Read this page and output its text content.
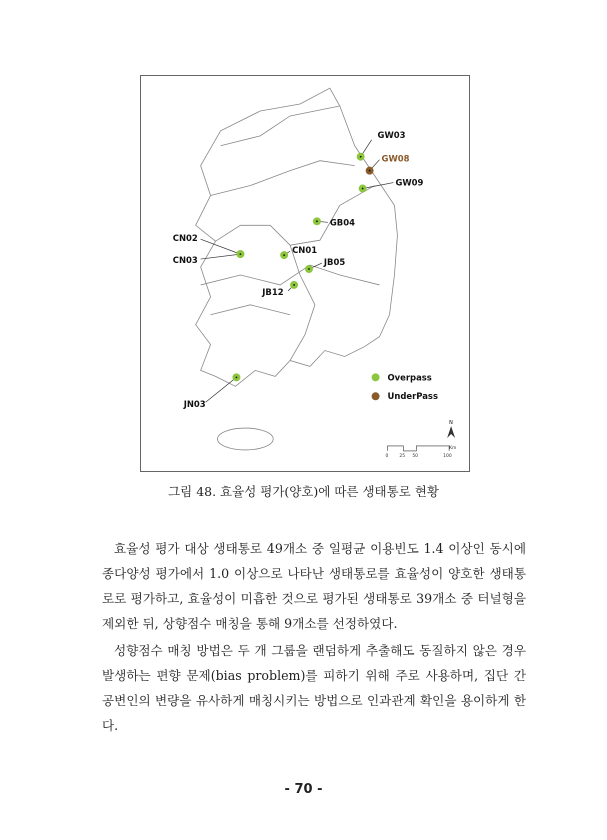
GW03
GW08
GW09
GB04
CN02
CN03
CN01
JB05
JB12
JN03
Overpass
UnderPass
N
0 25 50	100
Km
그림 48. 효율성 평가(양호)에 따른 생태통로 현황

효율성 평가 대상 생태통로 49개소 중 일평균 이용빈도 1.4 이상인 동시에 종다양성 평가에서 1.0 이상으로 나타난 생태통로를 효율성이 양호한 생태통로로 평가하고, 효율성이 미흡한 것으로 평가된 생태통로 39개소 중 터널형을 제외한 뒤, 상향점수 매칭을 통해 9개소를 선정하였다.

성향점수 매칭 방법은 두 개 그룹을 랜덤하게 추출해도 동질하지 않은 경우 발생하는 편향 문제(bias problem)를 피하기 위해 주로 사용하며, 집단 간 공변인의 변량을 유사하게 매칭시키는 방법으로 인과관계 확인을 용이하게 한다.

- 70 -
